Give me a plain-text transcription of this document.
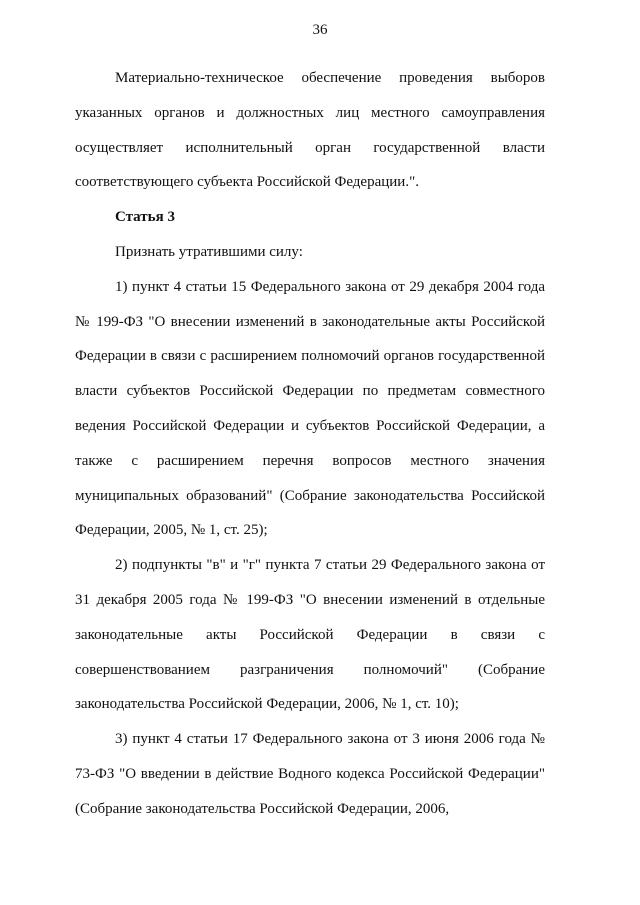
36

Материально-техническое обеспечение проведения выборов указанных органов и должностных лиц местного самоуправления осуществляет исполнительный орган государственной власти соответствующего субъекта Российской Федерации.".

Статья 3

Признать утратившими силу:

1) пункт 4 статьи 15 Федерального закона от 29 декабря 2004 года № 199-ФЗ "О внесении изменений в законодательные акты Российской Федерации в связи с расширением полномочий органов государственной власти субъектов Российской Федерации по предметам совместного ведения Российской Федерации и субъектов Российской Федерации, а также с расширением перечня вопросов местного значения муниципальных образований" (Собрание законодательства Российской Федерации, 2005, № 1, ст. 25);

2) подпункты "в" и "г" пункта 7 статьи 29 Федерального закона от 31 декабря 2005 года № 199-ФЗ "О внесении изменений в отдельные законодательные акты Российской Федерации в связи с совершенствованием разграничения полномочий" (Собрание законодательства Российской Федерации, 2006, № 1, ст. 10);

3) пункт 4 статьи 17 Федерального закона от 3 июня 2006 года № 73-ФЗ "О введении в действие Водного кодекса Российской Федерации" (Собрание законодательства Российской Федерации, 2006,
